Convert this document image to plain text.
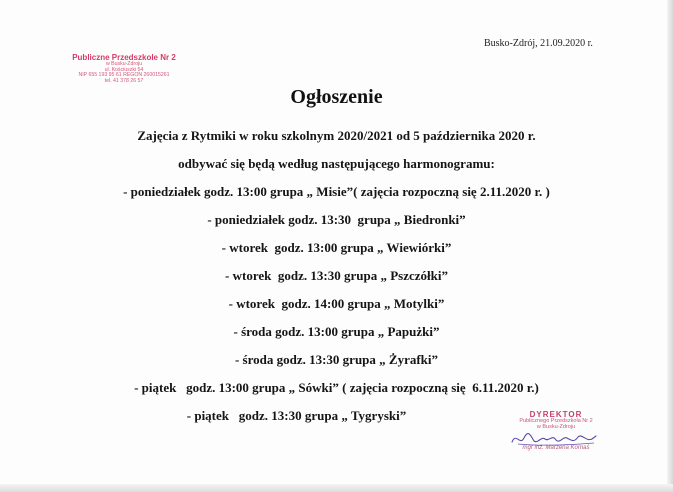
Publiczne Przedszkole Nr 2
w Busku-Zdroju
ul. Kościuszki 54
NIP 655 193 95 61 REGON 260015261
tel. 41 378 26 57
Busko-Zdrój, 21.09.2020 r.
Ogłoszenie
Zajęcia z Rytmiki w roku szkolnym 2020/2021 od 5 października 2020 r.
odbywać się będą według następującego harmonogramu:
- poniedziałek godz. 13:00 grupa „ Misie”( zajęcia rozpoczną się 2.11.2020 r. )
- poniedziałek godz. 13:30  grupa „ Biedronki”
- wtorek  godz. 13:00 grupa „ Wiewiórki”
- wtorek  godz. 13:30 grupa „ Pszczółki”
- wtorek  godz. 14:00 grupa „ Motylki”
- środa godz. 13:00 grupa „ Papużki”
- środa godz. 13:30 grupa „ Żyrafki”
- piątek   godz. 13:00 grupa „ Sówki” ( zajęcia rozpoczną się  6.11.2020 r.)
- piątek   godz. 13:30 grupa „ Tygryski”	DYREKTOR
Publicznego Przedszkola Nr 2
w Busku-Zdroju
mgr inż. Marzena Kornaś
